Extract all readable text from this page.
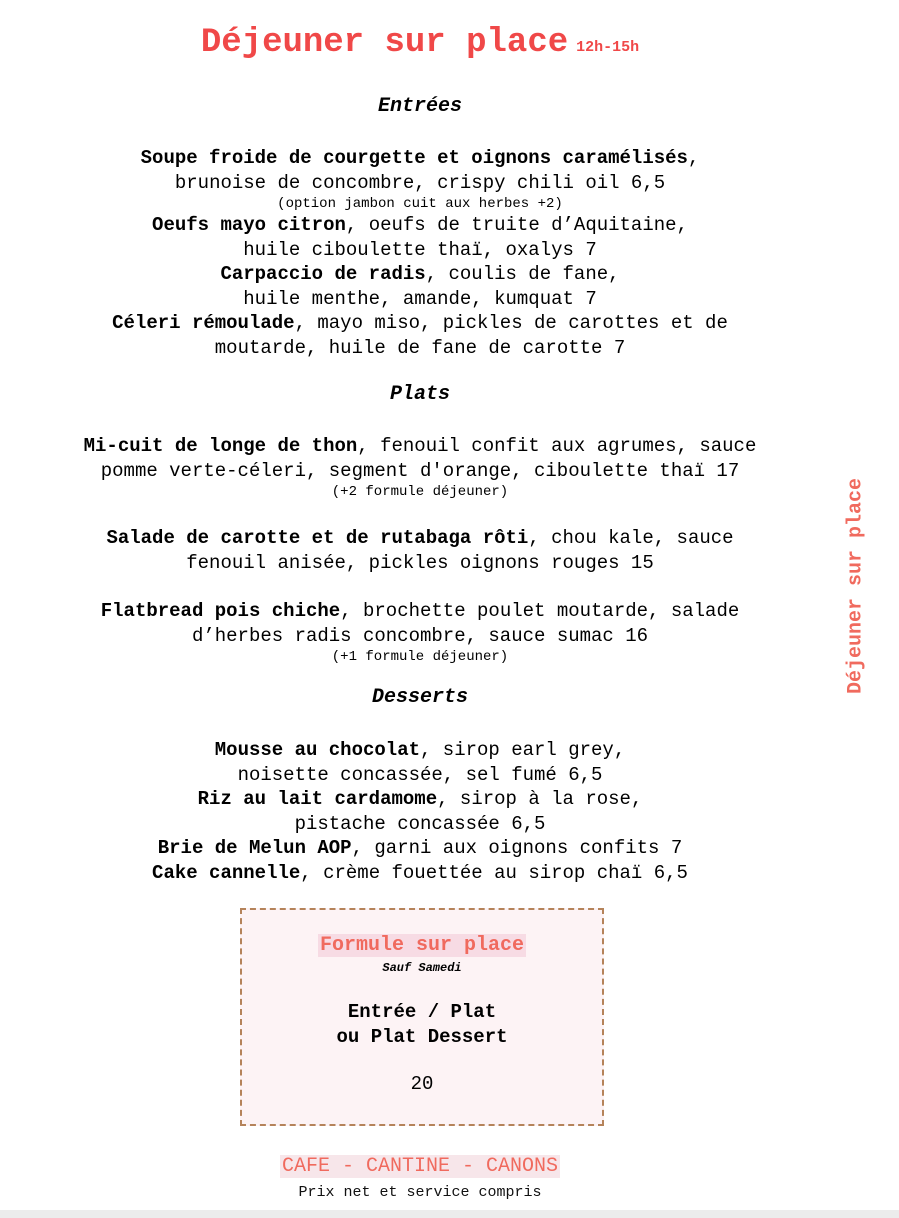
Déjeuner sur place 12h-15h
Entrées
Soupe froide de courgette et oignons caramélisés,
brunoise de concombre, crispy chili oil 6,5
(option jambon cuit aux herbes +2)
Oeufs mayo citron, oeufs de truite d’Aquitaine,
huile ciboulette thaï, oxalys 7
Carpaccio de radis, coulis de fane,
huile menthe, amande, kumquat 7
Céleri rémoulade, mayo miso, pickles de carottes et de
moutarde, huile de fane de carotte 7
Plats
Mi-cuit de longe de thon, fenouil confit aux agrumes, sauce
pomme verte-céleri, segment d'orange, ciboulette thaï 17
(+2 formule déjeuner)
Salade de carotte et de rutabaga rôti, chou kale, sauce
fenouil anisée, pickles oignons rouges 15
Flatbread pois chiche, brochette poulet moutarde, salade
d’herbes radis concombre, sauce sumac 16
(+1 formule déjeuner)
Desserts
Mousse au chocolat, sirop earl grey,
noisette concassée, sel fumé 6,5
Riz au lait cardamome, sirop à la rose,
pistache concassée 6,5
Brie de Melun AOP, garni aux oignons confits 7
Cake cannelle, crème fouettée au sirop chaï 6,5
Formule sur place
Sauf Samedi
Entrée / Plat
ou Plat Dessert
20
Déjeuner sur place
CAFE - CANTINE - CANONS
Prix net et service compris
